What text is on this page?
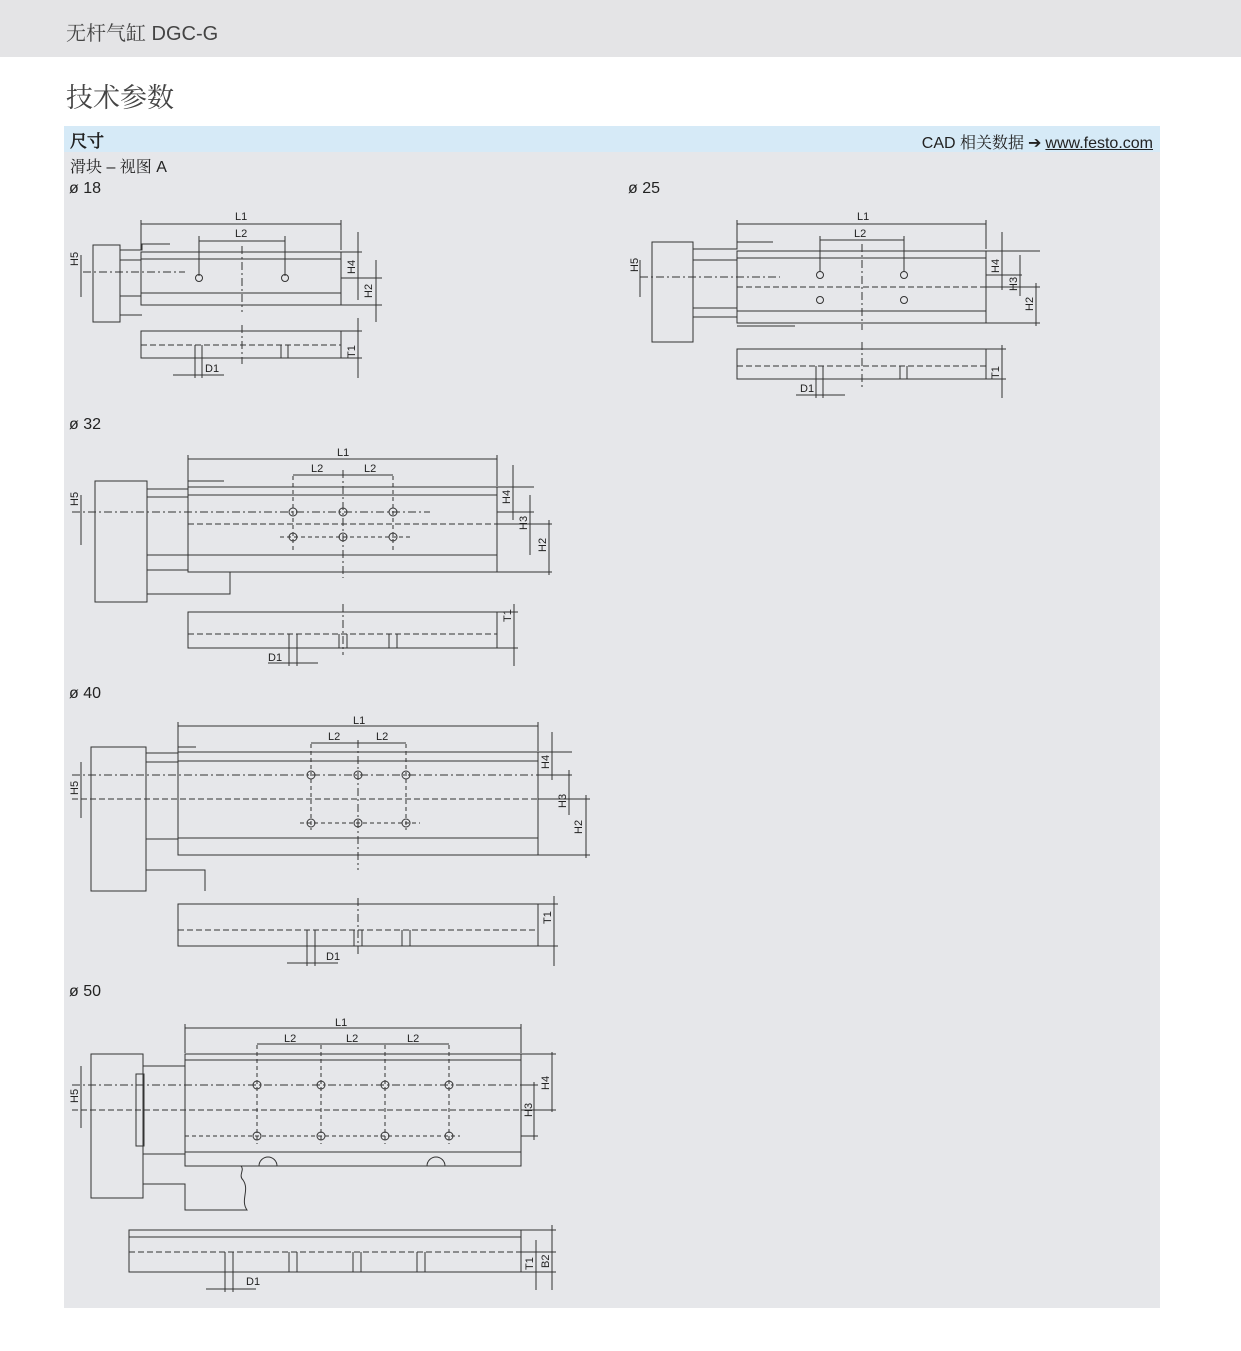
无杆气缸 DGC-G
技术参数
尺寸	CAD 相关数据 ➔ www.festo.com
滑块 – 视图 A
ø 18	ø 25
ø 32
ø 40
ø 50
L1
L2
D1
H5
H4
H2
T1
L1
L2
D1
H5	H4
H3
H2
T1
L1
L2	L2
D1
H5	H4
H3
H2
T1
L1
L2	L2
D1
H5
H4
H3
H2
T1
L1
L2	L2	L2
D1
H5
H4
H3
T1 B2
